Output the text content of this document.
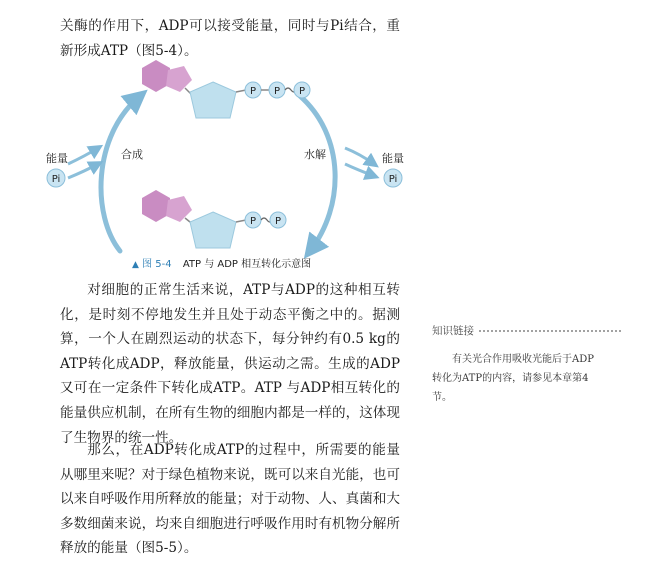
关酶的作用下，ADP可以接受能量，同时与Pi结合，重新形成ATP（图5-4）。

能量
Pi
合成	水解	能量
Pi
P P P
P P
▲ 图 5-4 ATP 与 ADP 相互转化示意图

对细胞的正常生活来说，ATP与ADP的这种相互转化，是时刻不停地发生并且处于动态平衡之中的。据测算，一个人在剧烈运动的状态下，每分钟约有0.5 kg的ATP转化成ADP，释放能量，供运动之需。生成的ADP又可在一定条件下转化成ATP。ATP 与ADP相互转化的能量供应机制，在所有生物的细胞内都是一样的，这体现了生物界的统一性。

那么，在ADP转化成ATP的过程中，所需要的能量从哪里来呢？对于绿色植物来说，既可以来自光能，也可以来自呼吸作用所释放的能量；对于动物、人、真菌和大多数细菌来说，均来自细胞进行呼吸作用时有机物分解所释放的能量（图5-5）。

知识链接

有关光合作用吸收光能后于ADP转化为ATP的内容，请参见本章第4节。
